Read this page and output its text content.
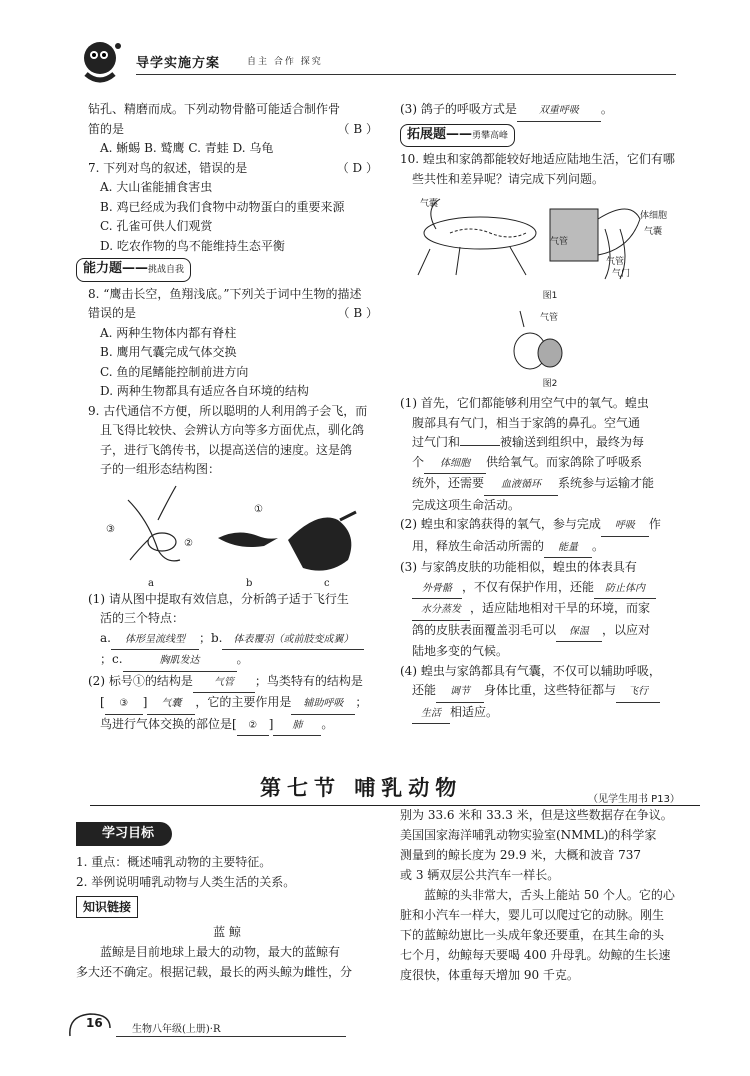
导学实施方案	自主 合作 探究
钻孔、精磨而成。下列动物骨骼可能适合制作骨
笛的是	（ B ）
A. 蜥蜴 B. 鹫鹰 C. 青蛙 D. 乌龟
7. 下列对鸟的叙述，错误的是	（ D ）
A. 大山雀能捕食害虫
B. 鸡已经成为我们食物中动物蛋白的重要来源
C. 孔雀可供人们观赏
D. 吃农作物的鸟不能维持生态平衡
能力题——挑战自我
8. “鹰击长空，鱼翔浅底。”下列关于词中生物的描述
错误的是	（ B ）
A. 两种生物体内都有脊柱
B. 鹰用气囊完成气体交换
C. 鱼的尾鳍能控制前进方向
D. 两种生物都具有适应各自环境的结构
9. 古代通信不方便，所以聪明的人利用鸽子会飞，而
且飞得比较快、会辨认方向等多方面优点，驯化鸽
子，进行飞鸽传书，以提高送信的速度。这是鸽
子的一组形态结构图：
①
②
③
a	b	c
(1) 请从图中提取有效信息，分析鸽子适于飞行生
活的三个特点：
a. 体形呈流线型 ；b. 体表覆羽（或前肢变成翼）
；c.	胸肌发达	。
(2) 标号①的结构是 气管 ；鸟类特有的结构是
[ ③ ] 气囊 ，它的主要作用是 辅助呼吸 ；
鸟进行气体交换的部位是[ ② ] 肺 。
(3) 鸽子的呼吸方式是 双重呼吸 。
拓展题——勇攀高峰
10. 蝗虫和家鸽都能较好地适应陆地生活，它们有哪
些共性和差异呢？请完成下列问题。
气囊
气管
体细胞
气囊
气管
气门
图1
气管
图2
(1) 首先，它们都能够利用空气中的氧气。蝗虫
腹部具有气门，相当于家鸽的鼻孔。空气通
过气门和	被输送到组织中，最终为每
个 体细胞 供给氧气。而家鸽除了呼吸系
统外，还需要 血液循环 系统参与运输才能
完成这项生命活动。
(2) 蝗虫和家鸽获得的氧气，参与完成 呼吸 作
用，释放生命活动所需的 能量 。
(3) 与家鸽皮肤的功能相似，蝗虫的体表具有
外骨骼 ，不仅有保护作用，还能 防止体内
水分蒸发 ，适应陆地相对干旱的环境，而家
鸽的皮肤表面覆盖羽毛可以 保温 ，以应对
陆地多变的气候。
(4) 蝗虫与家鸽都具有气囊，不仅可以辅助呼吸，
还能 调节 身体比重，这些特征都与 飞行
生活 相适应。
第七节 哺乳动物	（见学生用书 P13）
学习目标
1. 重点：概述哺乳动物的主要特征。
2. 举例说明哺乳动物与人类生活的关系。
知识链接
蓝 鲸
蓝鲸是目前地球上最大的动物，最大的蓝鲸有
多大还不确定。根据记载，最长的两头鲸为雌性，分
别为 33.6 米和 33.3 米，但是这些数据存在争议。
美国国家海洋哺乳动物实验室(NMML)的科学家
测量到的鲸长度为 29.9 米，大概和波音 737
或 3 辆双层公共汽车一样长。
蓝鲸的头非常大，舌头上能站 50 个人。它的心
脏和小汽车一样大，婴儿可以爬过它的动脉。刚生
下的蓝鲸幼崽比一头成年象还要重，在其生命的头
七个月，幼鲸每天要喝 400 升母乳。幼鲸的生长速
度很快，体重每天增加 90 千克。
16	生物八年级(上册)·R
